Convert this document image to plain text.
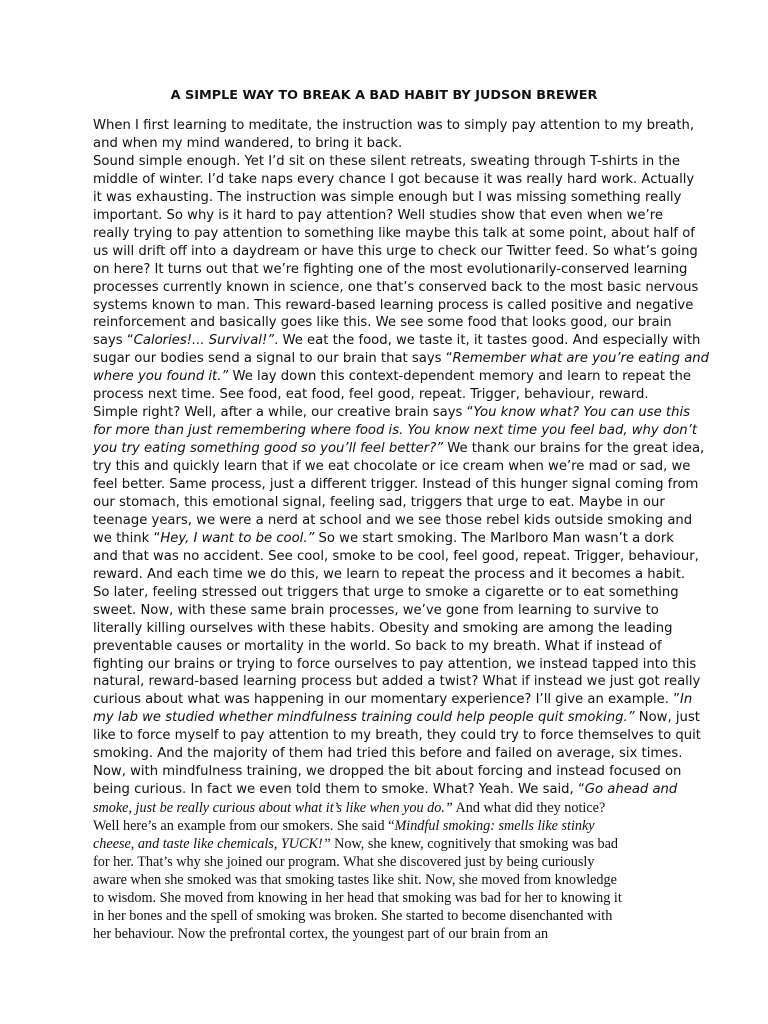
A SIMPLE WAY TO BREAK A BAD HABIT BY JUDSON BREWER
When I first learning to meditate, the instruction was to simply pay attention to my breath,
and when my mind wandered, to bring it back.
Sound simple enough. Yet I’d sit on these silent retreats, sweating through T-shirts in the
middle of winter. I’d take naps every chance I got because it was really hard work. Actually
it was exhausting. The instruction was simple enough but I was missing something really
important. So why is it hard to pay attention? Well studies show that even when we’re
really trying to pay attention to something like maybe this talk at some point, about half of
us will drift off into a daydream or have this urge to check our Twitter feed. So what’s going
on here? It turns out that we’re fighting one of the most evolutionarily-conserved learning
processes currently known in science, one that’s conserved back to the most basic nervous
systems known to man. This reward-based learning process is called positive and negative
reinforcement and basically goes like this. We see some food that looks good, our brain
says “Calories!... Survival!”. We eat the food, we taste it, it tastes good. And especially with
sugar our bodies send a signal to our brain that says “Remember what are you’re eating and
where you found it.” We lay down this context-dependent memory and learn to repeat the
process next time. See food, eat food, feel good, repeat. Trigger, behaviour, reward.
Simple right? Well, after a while, our creative brain says “You know what? You can use this
for more than just remembering where food is. You know next time you feel bad, why don’t
you try eating something good so you’ll feel better?” We thank our brains for the great idea,
try this and quickly learn that if we eat chocolate or ice cream when we’re mad or sad, we
feel better. Same process, just a different trigger. Instead of this hunger signal coming from
our stomach, this emotional signal, feeling sad, triggers that urge to eat. Maybe in our
teenage years, we were a nerd at school and we see those rebel kids outside smoking and
we think “Hey, I want to be cool.” So we start smoking. The Marlboro Man wasn’t a dork
and that was no accident. See cool, smoke to be cool, feel good, repeat. Trigger, behaviour,
reward. And each time we do this, we learn to repeat the process and it becomes a habit.
So later, feeling stressed out triggers that urge to smoke a cigarette or to eat something
sweet. Now, with these same brain processes, we’ve gone from learning to survive to
literally killing ourselves with these habits. Obesity and smoking are among the leading
preventable causes or mortality in the world. So back to my breath. What if instead of
fighting our brains or trying to force ourselves to pay attention, we instead tapped into this
natural, reward-based learning process but added a twist? What if instead we just got really
curious about what was happening in our momentary experience? I’ll give an example. ”In
my lab we studied whether mindfulness training could help people quit smoking.” Now, just
like to force myself to pay attention to my breath, they could try to force themselves to quit
smoking. And the majority of them had tried this before and failed on average, six times.
Now, with mindfulness training, we dropped the bit about forcing and instead focused on
being curious. In fact we even told them to smoke. What? Yeah. We said, “Go ahead and
smoke, just be really curious about what it’s like when you do.” And what did they notice?
Well here’s an example from our smokers. She said “Mindful smoking: smells like stinky
cheese, and taste like chemicals, YUCK!” Now, she knew, cognitively that smoking was bad
for her. That’s why she joined our program. What she discovered just by being curiously
aware when she smoked was that smoking tastes like shit. Now, she moved from knowledge
to wisdom. She moved from knowing in her head that smoking was bad for her to knowing it
in her bones and the spell of smoking was broken. She started to become disenchanted with
her behaviour. Now the prefrontal cortex, the youngest part of our brain from an
